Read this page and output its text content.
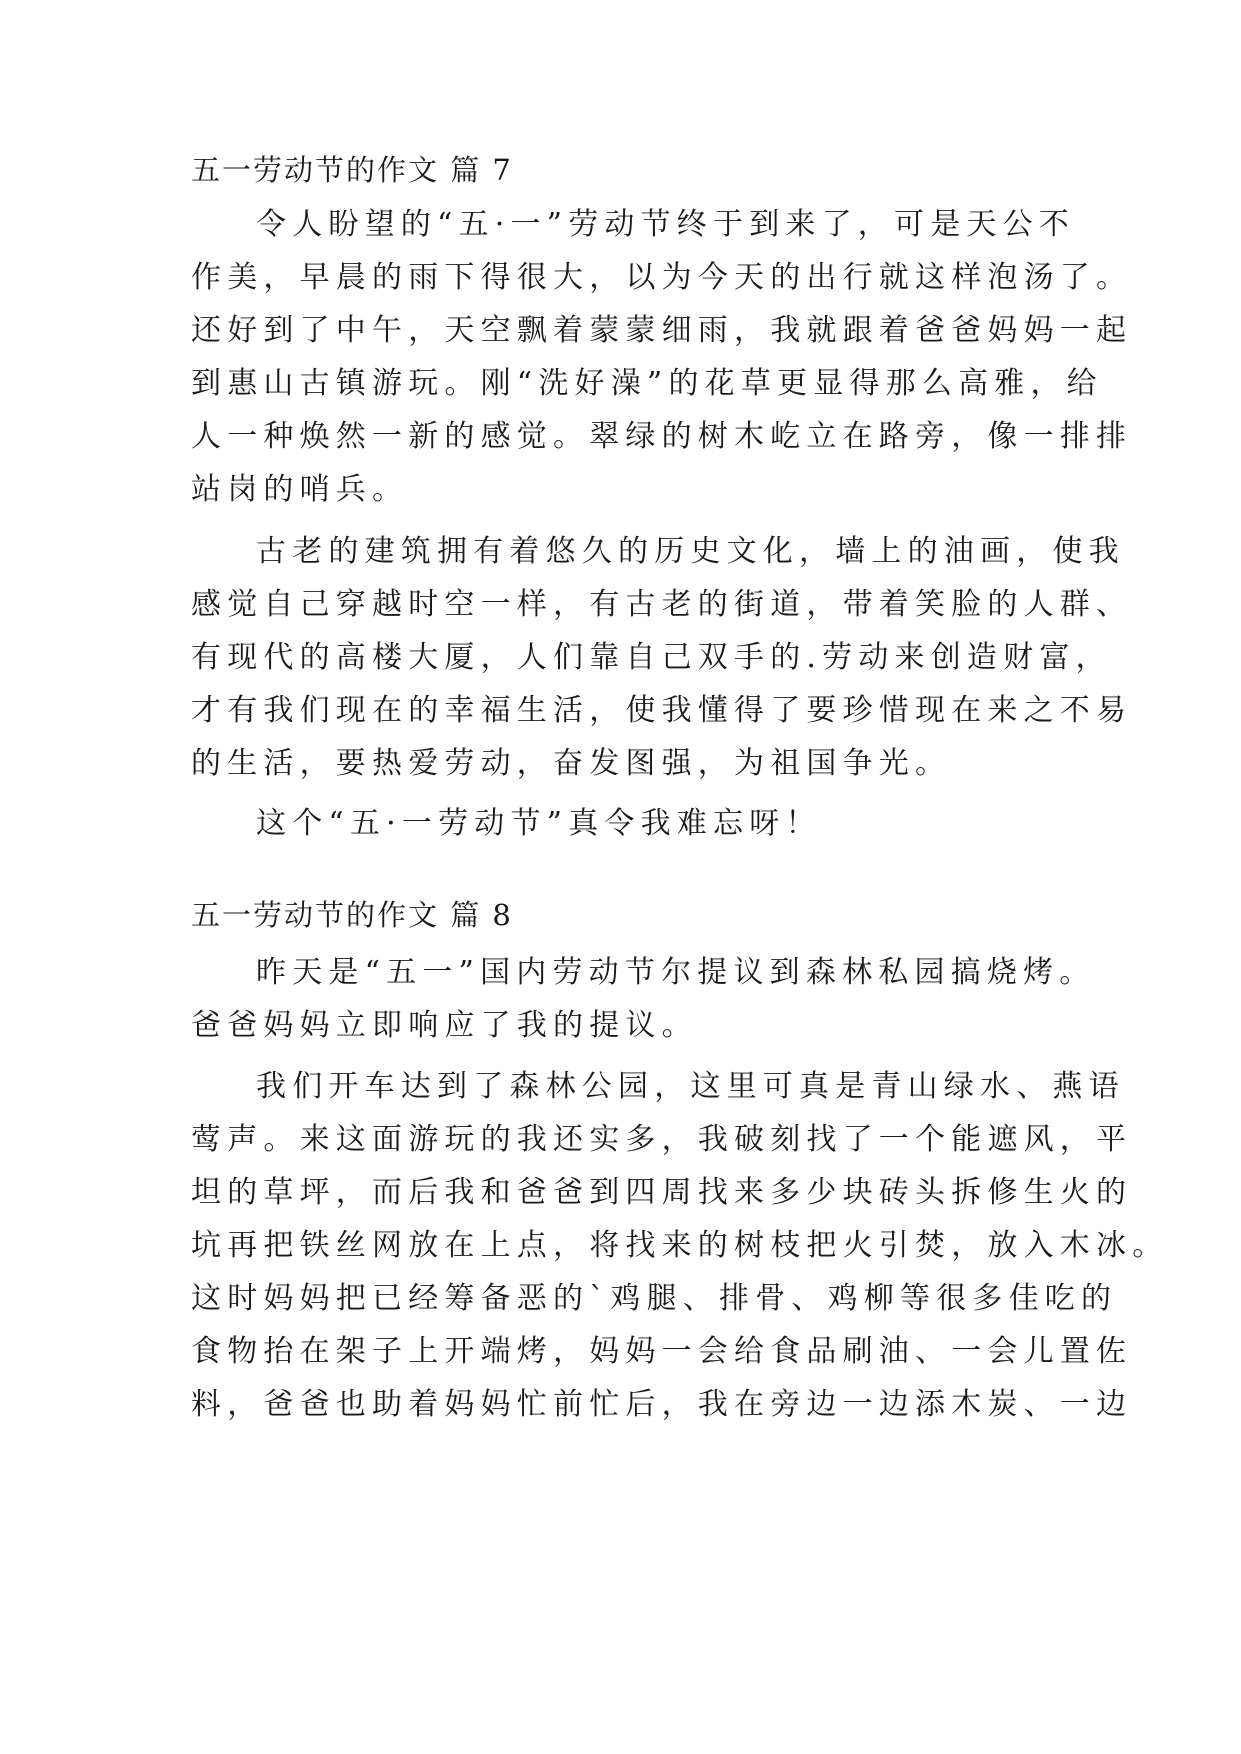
五一劳动节的作文 篇 7
令人盼望的“五·一”劳动节终于到来了，可是天公不
作美，早晨的雨下得很大，以为今天的出行就这样泡汤了。
还好到了中午，天空飘着蒙蒙细雨，我就跟着爸爸妈妈一起
到惠山古镇游玩。刚“洗好澡”的花草更显得那么高雅，给
人一种焕然一新的感觉。翠绿的树木屹立在路旁，像一排排
站岗的哨兵。
古老的建筑拥有着悠久的历史文化，墙上的油画，使我
感觉自己穿越时空一样，有古老的街道，带着笑脸的人群、
有现代的高楼大厦，人们靠自己双手的.劳动来创造财富，
才有我们现在的幸福生活，使我懂得了要珍惜现在来之不易
的生活，要热爱劳动，奋发图强，为祖国争光。
这个“五·一劳动节”真令我难忘呀！
五一劳动节的作文 篇 8
昨天是“五一”国内劳动节尔提议到森林私园搞烧烤。
爸爸妈妈立即响应了我的提议。
我们开车达到了森林公园，这里可真是青山绿水、燕语
莺声。来这面游玩的我还实多，我破刻找了一个能遮风，平
坦的草坪，而后我和爸爸到四周找来多少块砖头拆修生火的
坑再把铁丝网放在上点，将找来的树枝把火引焚，放入木冰。
这时妈妈把已经筹备恶的`鸡腿、排骨、鸡柳等很多佳吃的
食物抬在架子上开端烤，妈妈一会给食品刷油、一会儿置佐
料，爸爸也助着妈妈忙前忙后，我在旁边一边添木炭、一边
